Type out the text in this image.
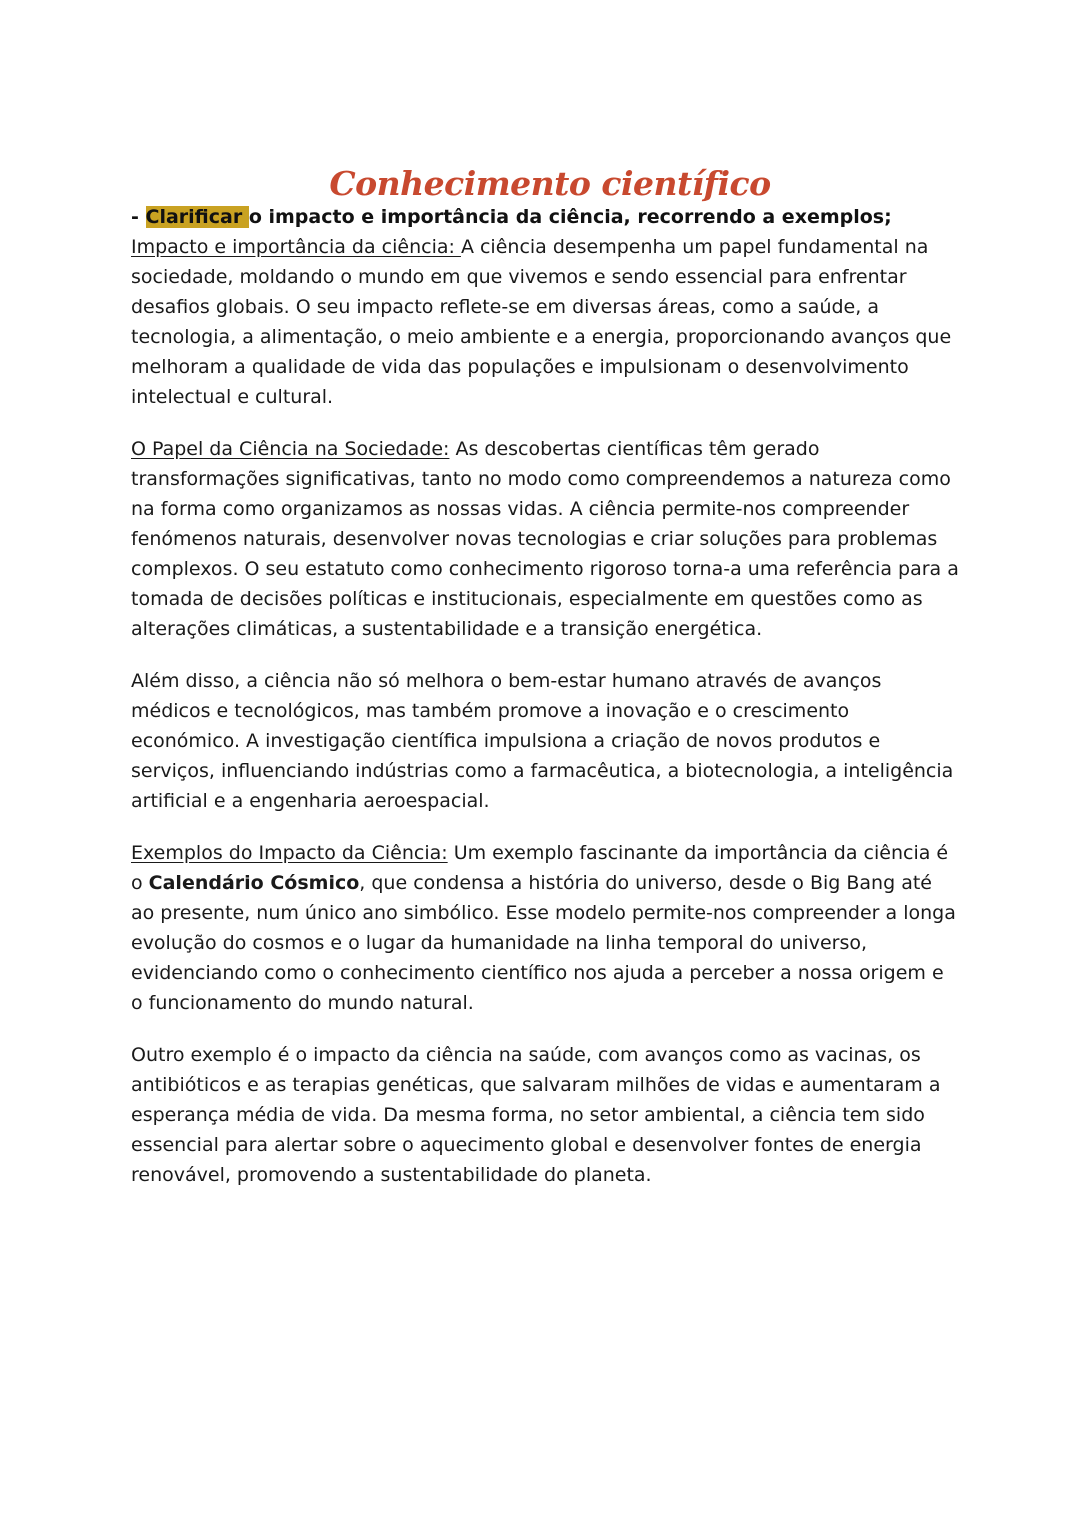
Conhecimento científico

- Clarificar o impacto e importância da ciência, recorrendo a exemplos;

Impacto e importância da ciência: A ciência desempenha um papel fundamental na sociedade, moldando o mundo em que vivemos e sendo essencial para enfrentar desafios globais. O seu impacto reflete-se em diversas áreas, como a saúde, a tecnologia, a alimentação, o meio ambiente e a energia, proporcionando avanços que melhoram a qualidade de vida das populações e impulsionam o desenvolvimento intelectual e cultural.

O Papel da Ciência na Sociedade: As descobertas científicas têm gerado transformações significativas, tanto no modo como compreendemos a natureza como na forma como organizamos as nossas vidas. A ciência permite-nos compreender fenómenos naturais, desenvolver novas tecnologias e criar soluções para problemas complexos. O seu estatuto como conhecimento rigoroso torna-a uma referência para a tomada de decisões políticas e institucionais, especialmente em questões como as alterações climáticas, a sustentabilidade e a transição energética.

Além disso, a ciência não só melhora o bem-estar humano através de avanços médicos e tecnológicos, mas também promove a inovação e o crescimento económico. A investigação científica impulsiona a criação de novos produtos e serviços, influenciando indústrias como a farmacêutica, a biotecnologia, a inteligência artificial e a engenharia aeroespacial.

Exemplos do Impacto da Ciência: Um exemplo fascinante da importância da ciência é o Calendário Cósmico, que condensa a história do universo, desde o Big Bang até ao presente, num único ano simbólico. Esse modelo permite-nos compreender a longa evolução do cosmos e o lugar da humanidade na linha temporal do universo, evidenciando como o conhecimento científico nos ajuda a perceber a nossa origem e o funcionamento do mundo natural.

Outro exemplo é o impacto da ciência na saúde, com avanços como as vacinas, os antibióticos e as terapias genéticas, que salvaram milhões de vidas e aumentaram a esperança média de vida. Da mesma forma, no setor ambiental, a ciência tem sido essencial para alertar sobre o aquecimento global e desenvolver fontes de energia renovável, promovendo a sustentabilidade do planeta.
